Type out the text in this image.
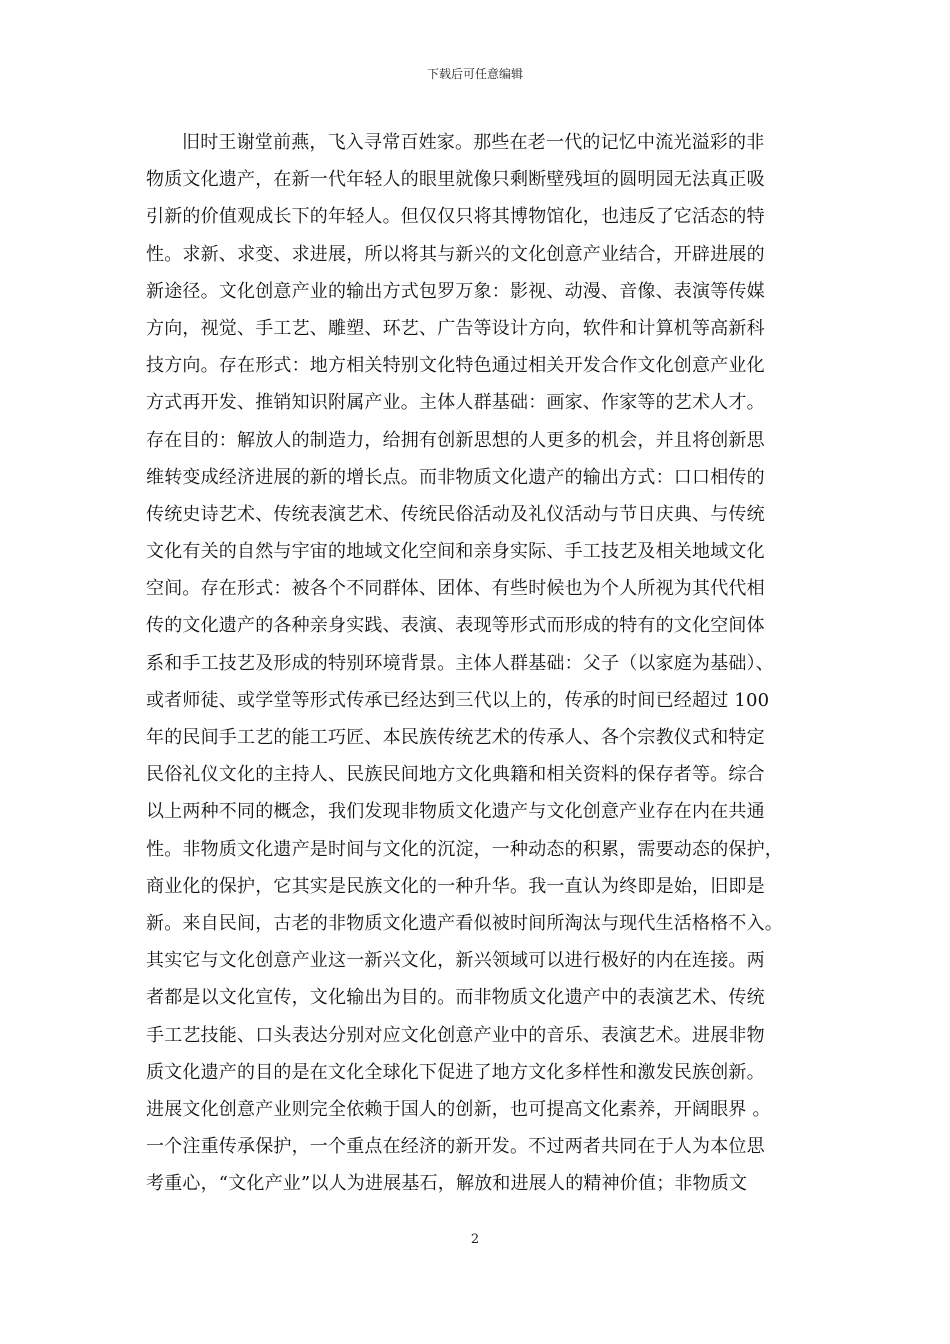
下载后可任意编辑
旧时王谢堂前燕，飞入寻常百姓家。那些在老一代的记忆中流光溢彩的非
物质文化遗产，在新一代年轻人的眼里就像只剩断壁残垣的圆明园无法真正吸
引新的价值观成长下的年轻人。但仅仅只将其博物馆化，也违反了它活态的特
性。求新、求变、求进展，所以将其与新兴的文化创意产业结合，开辟进展的
新途径。文化创意产业的输出方式包罗万象：影视、动漫、音像、表演等传媒
方向，视觉、手工艺、雕塑、环艺、广告等设计方向，软件和计算机等高新科
技方向。存在形式：地方相关特别文化特色通过相关开发合作文化创意产业化
方式再开发、推销知识附属产业。主体人群基础：画家、作家等的艺术人才。
存在目的：解放人的制造力，给拥有创新思想的人更多的机会，并且将创新思
维转变成经济进展的新的增长点。而非物质文化遗产的输出方式：口口相传的
传统史诗艺术、传统表演艺术、传统民俗活动及礼仪活动与节日庆典、与传统
文化有关的自然与宇宙的地域文化空间和亲身实际、手工技艺及相关地域文化
空间。存在形式：被各个不同群体、团体、有些时候也为个人所视为其代代相
传的文化遗产的各种亲身实践、表演、表现等形式而形成的特有的文化空间体
系和手工技艺及形成的特别环境背景。主体人群基础：父子（以家庭为基础）、
或者师徒、或学堂等形式传承已经达到三代以上的，传承的时间已经超过 100
年的民间手工艺的能工巧匠、本民族传统艺术的传承人、各个宗教仪式和特定
民俗礼仪文化的主持人、民族民间地方文化典籍和相关资料的保存者等。综合
以上两种不同的概念，我们发现非物质文化遗产与文化创意产业存在内在共通
性。非物质文化遗产是时间与文化的沉淀，一种动态的积累，需要动态的保护，
商业化的保护，它其实是民族文化的一种升华。我一直认为终即是始，旧即是
新。来自民间，古老的非物质文化遗产看似被时间所淘汰与现代生活格格不入。
其实它与文化创意产业这一新兴文化，新兴领域可以进行极好的内在连接。两
者都是以文化宣传，文化输出为目的。而非物质文化遗产中的表演艺术、传统
手工艺技能、口头表达分别对应文化创意产业中的音乐、表演艺术。进展非物
质文化遗产的目的是在文化全球化下促进了地方文化多样性和激发民族创新。
进展文化创意产业则完全依赖于国人的创新，也可提高文化素养，开阔眼界 。
一个注重传承保护，一个重点在经济的新开发。不过两者共同在于人为本位思
考重心，“文化产业”以人为进展基石，解放和进展人的精神价值；非物质文
2
